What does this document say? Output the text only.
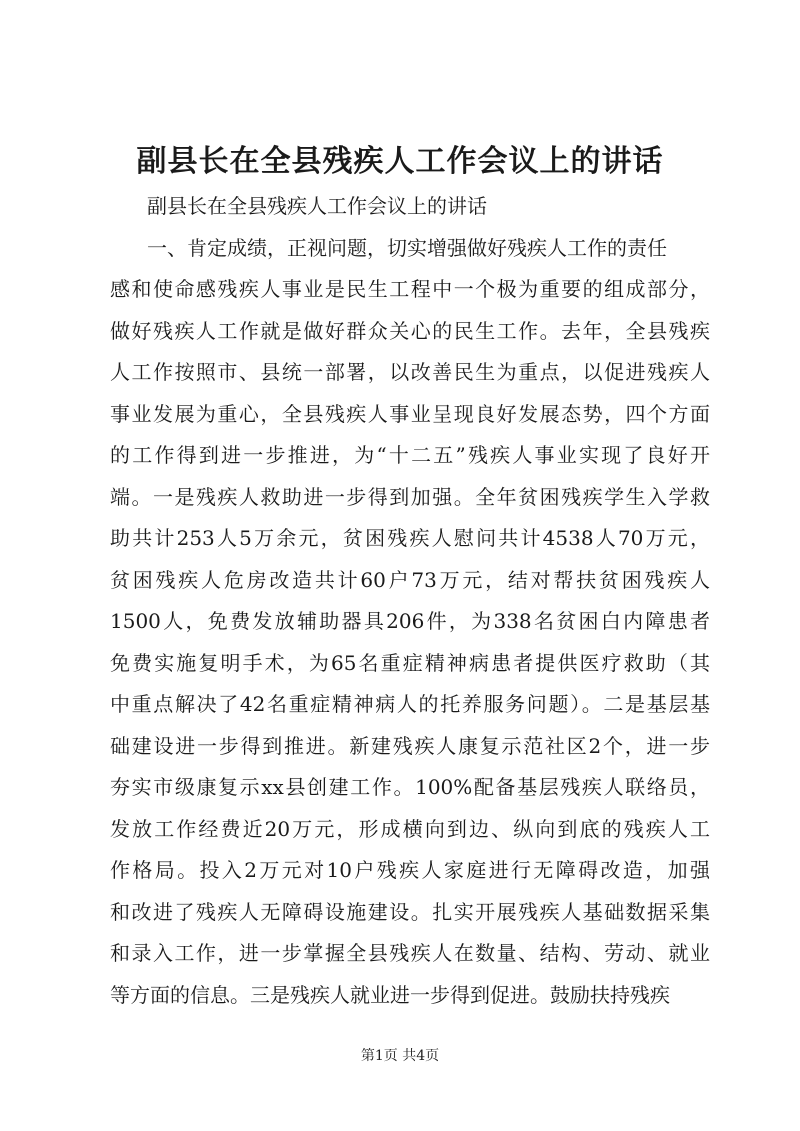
副县长在全县残疾人工作会议上的讲话
副县长在全县残疾人工作会议上的讲话
一、肯定成绩，正视问题，切实增强做好残疾人工作的责任
感和使命感残疾人事业是民生工程中一个极为重要的组成部分，
做好残疾人工作就是做好群众关心的民生工作。去年，全县残疾
人工作按照市、县统一部署，以改善民生为重点，以促进残疾人
事业发展为重心，全县残疾人事业呈现良好发展态势，四个方面
的工作得到进一步推进，为“十二五”残疾人事业实现了良好开
端。一是残疾人救助进一步得到加强。全年贫困残疾学生入学救
助共计253人5万余元，贫困残疾人慰问共计4538人70万元，
贫困残疾人危房改造共计60户73万元，结对帮扶贫困残疾人
1500人，免费发放辅助器具206件，为338名贫困白内障患者
免费实施复明手术，为65名重症精神病患者提供医疗救助（其
中重点解决了42名重症精神病人的托养服务问题）。二是基层基
础建设进一步得到推进。新建残疾人康复示范社区2个，进一步
夯实市级康复示xx县创建工作。100%配备基层残疾人联络员，
发放工作经费近20万元，形成横向到边、纵向到底的残疾人工
作格局。投入2万元对10户残疾人家庭进行无障碍改造，加强
和改进了残疾人无障碍设施建设。扎实开展残疾人基础数据采集
和录入工作，进一步掌握全县残疾人在数量、结构、劳动、就业
等方面的信息。三是残疾人就业进一步得到促进。鼓励扶持残疾
第1页 共4页
